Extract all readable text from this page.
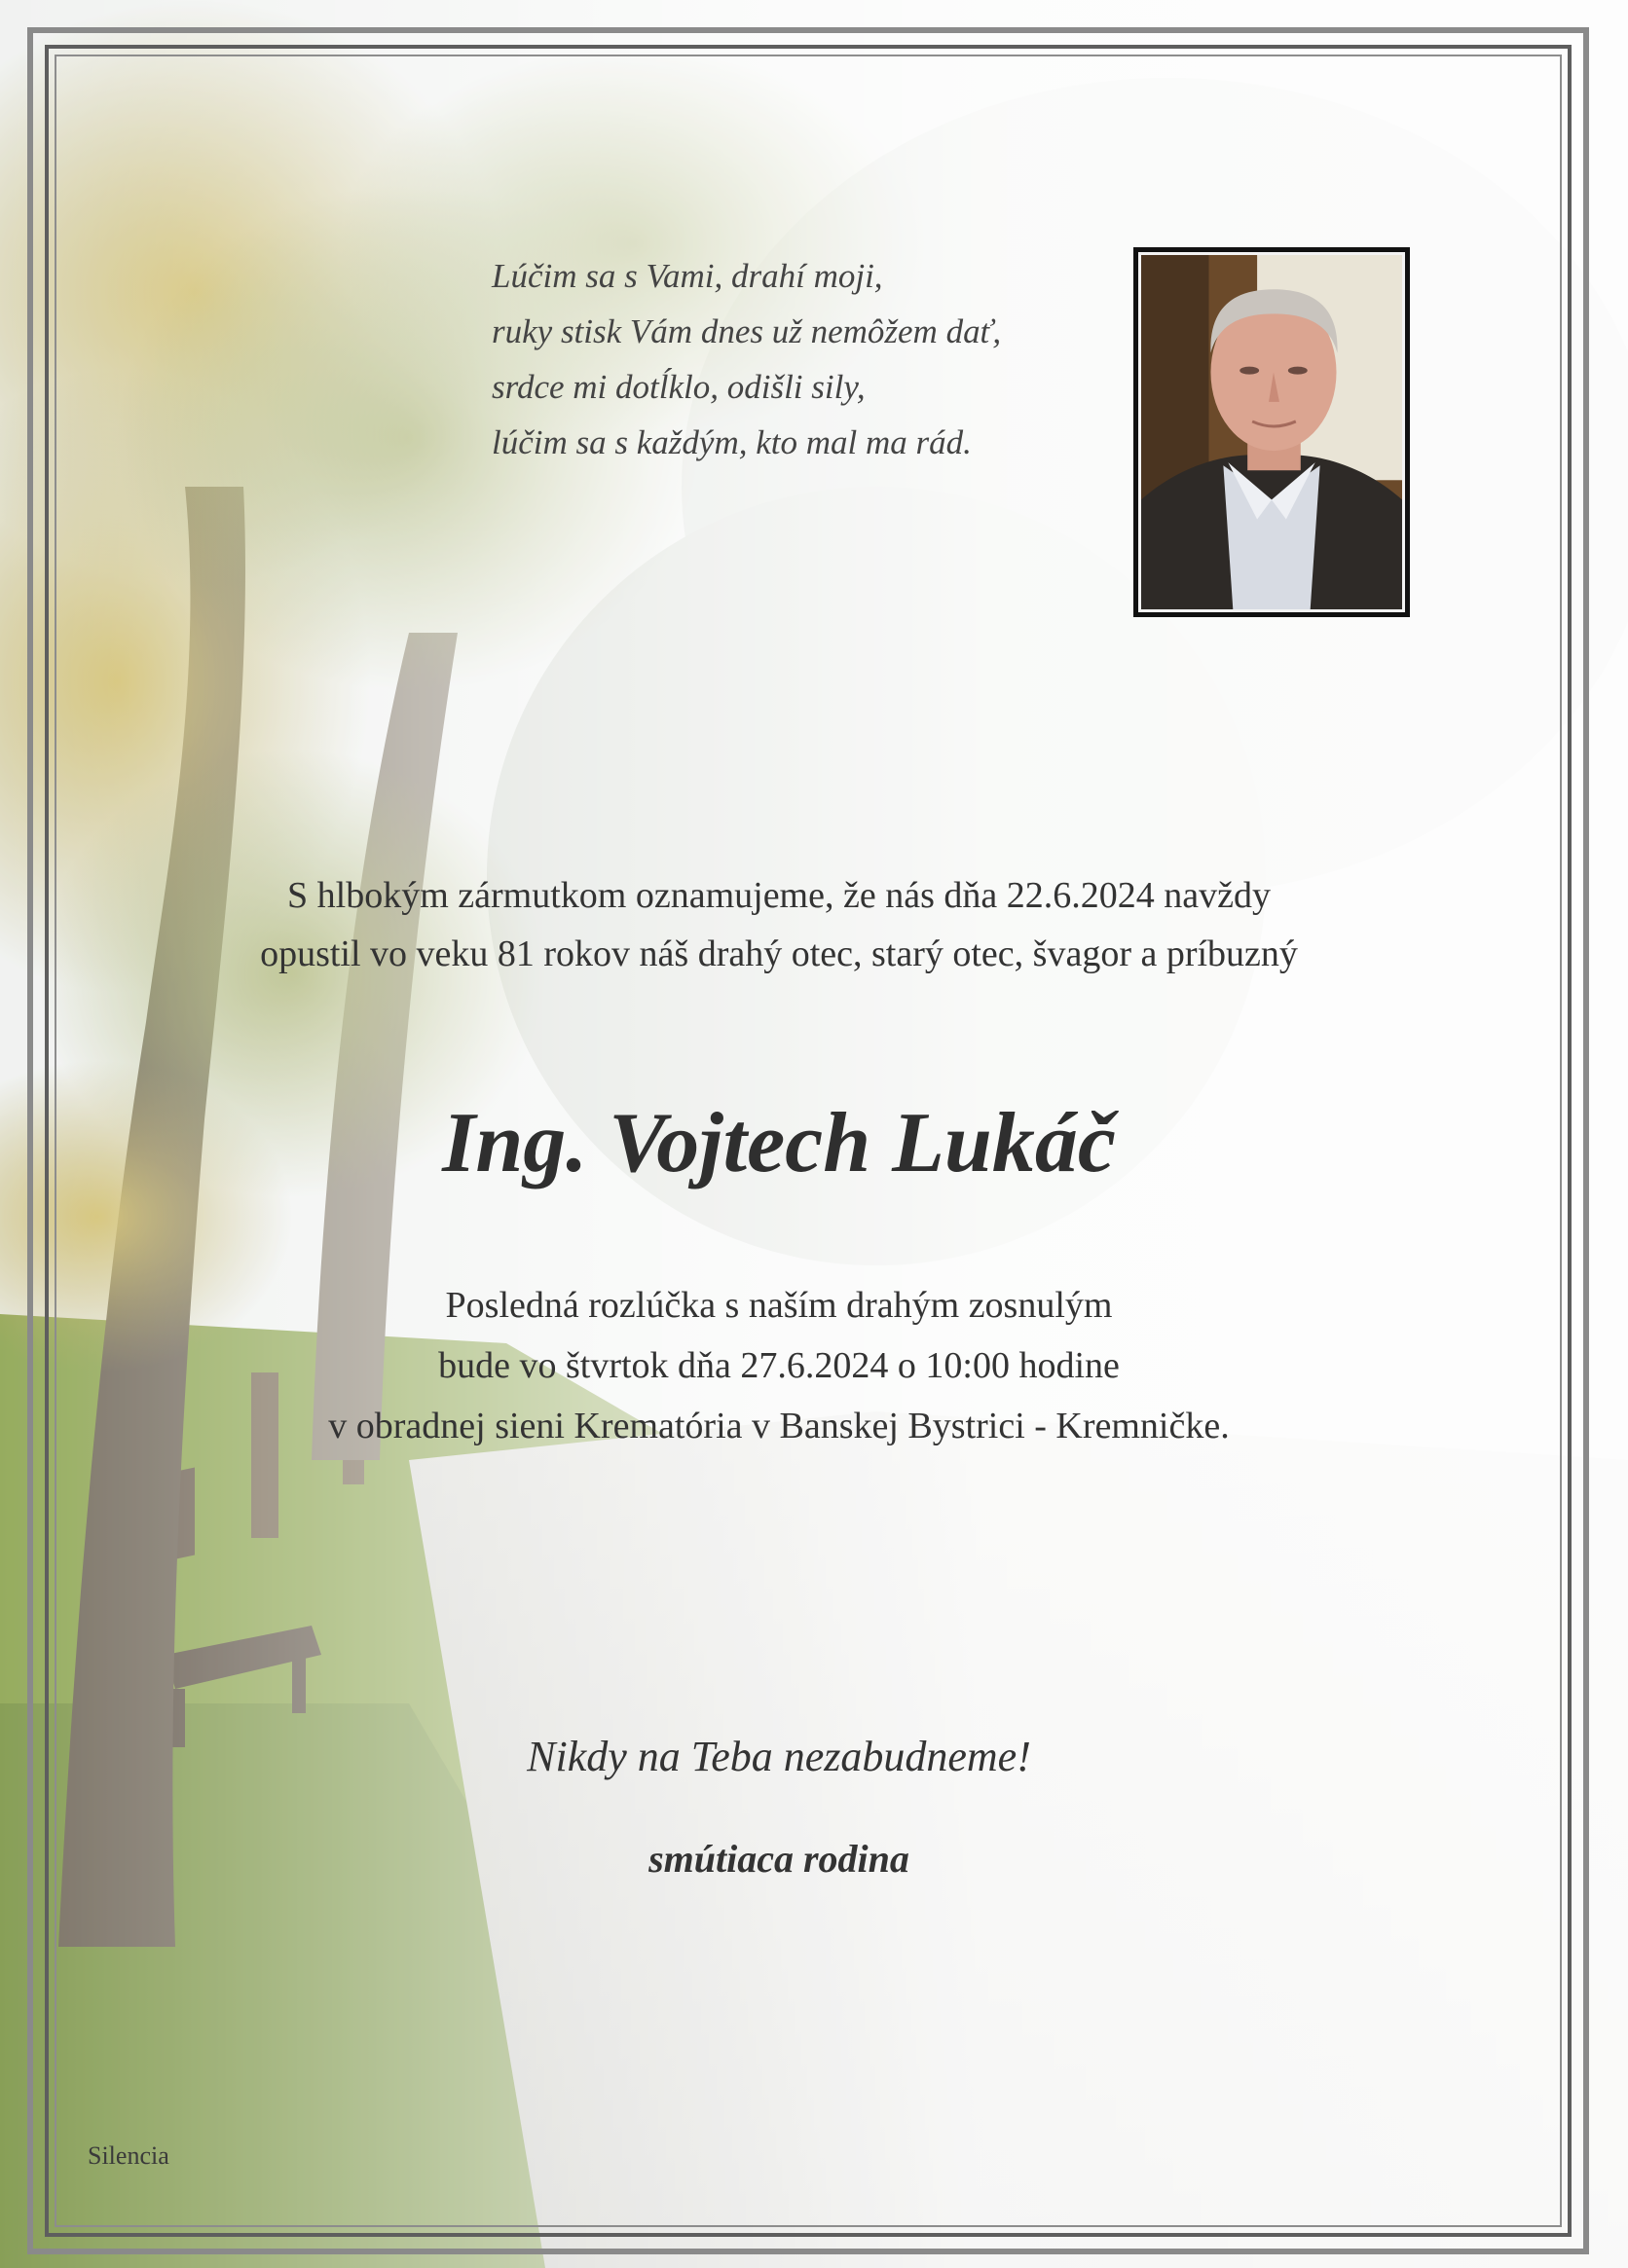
Lúčim sa s Vami, drahí moji,
ruky stisk Vám dnes už nemôžem dať,
srdce mi dotĺklo, odišli sily,
lúčim sa s každým, kto mal ma rád.
S hlbokým zármutkom oznamujeme, že nás dňa 22.6.2024 navždy
opustil vo veku 81 rokov náš drahý otec, starý otec, švagor a príbuzný
Ing. Vojtech Lukáč
Posledná rozlúčka s naším drahým zosnulým
bude vo štvrtok dňa 27.6.2024 o 10:00 hodine
v obradnej sieni Krematória v Banskej Bystrici - Kremničke.
Nikdy na Teba nezabudneme!
smútiaca rodina
Silencia
